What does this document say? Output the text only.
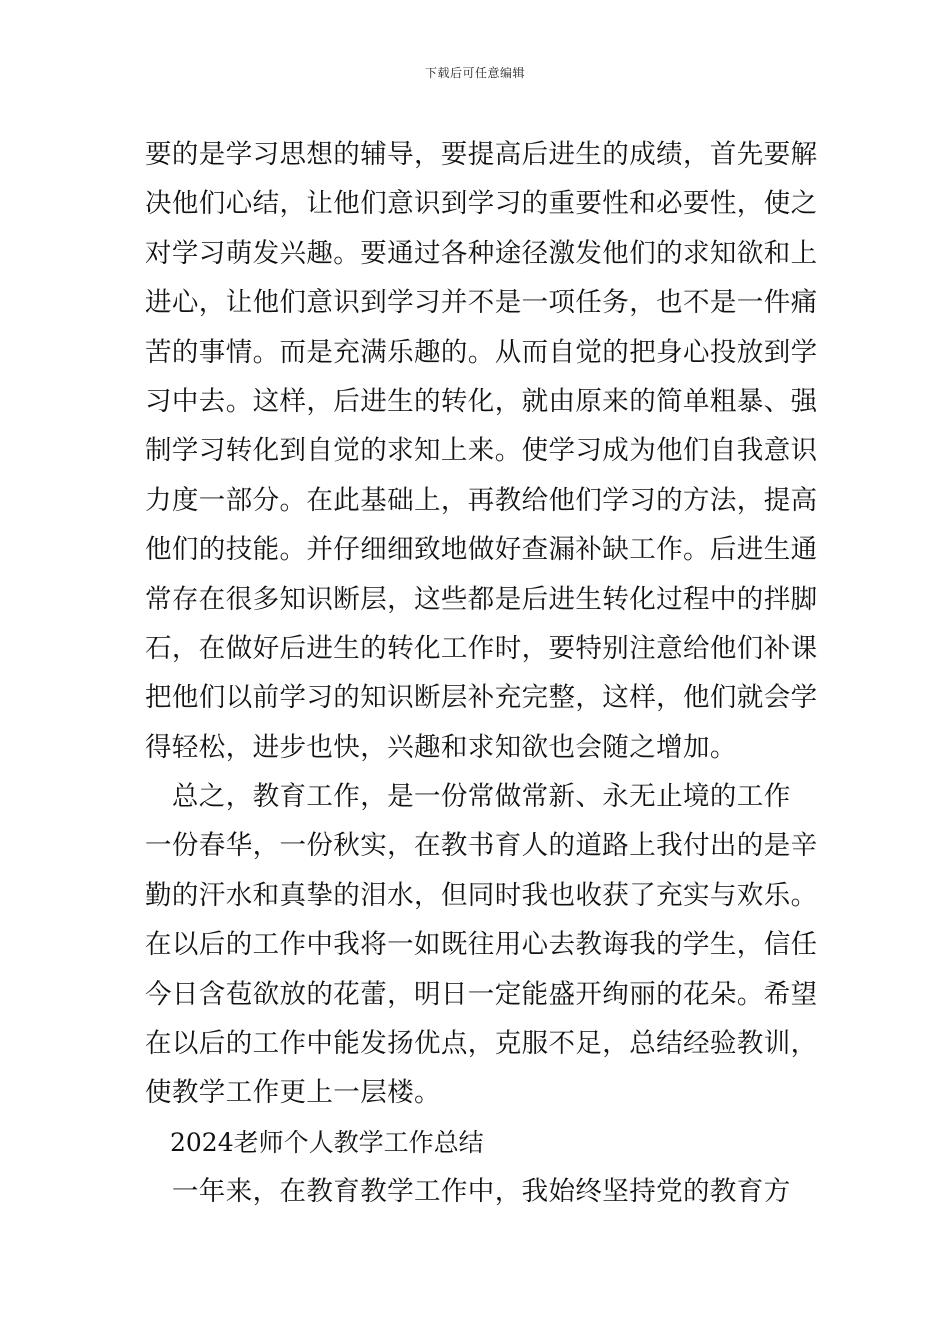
下载后可任意编辑
要的是学习思想的辅导，要提高后进生的成绩，首先要解
决他们心结，让他们意识到学习的重要性和必要性，使之
对学习萌发兴趣。要通过各种途径激发他们的求知欲和上
进心，让他们意识到学习并不是一项任务，也不是一件痛
苦的事情。而是充满乐趣的。从而自觉的把身心投放到学
习中去。这样，后进生的转化，就由原来的简单粗暴、强
制学习转化到自觉的求知上来。使学习成为他们自我意识
力度一部分。在此基础上，再教给他们学习的方法，提高
他们的技能。并仔细细致地做好查漏补缺工作。后进生通
常存在很多知识断层，这些都是后进生转化过程中的拌脚
石，在做好后进生的转化工作时，要特别注意给他们补课
把他们以前学习的知识断层补充完整，这样，他们就会学
得轻松，进步也快，兴趣和求知欲也会随之增加。
　总之，教育工作，是一份常做常新、永无止境的工作
一份春华，一份秋实，在教书育人的道路上我付出的是辛
勤的汗水和真挚的泪水，但同时我也收获了充实与欢乐。
在以后的工作中我将一如既往用心去教诲我的学生，信任
今日含苞欲放的花蕾，明日一定能盛开绚丽的花朵。希望
在以后的工作中能发扬优点，克服不足，总结经验教训，
使教学工作更上一层楼。
　2024老师个人教学工作总结
　一年来，在教育教学工作中，我始终坚持党的教育方
